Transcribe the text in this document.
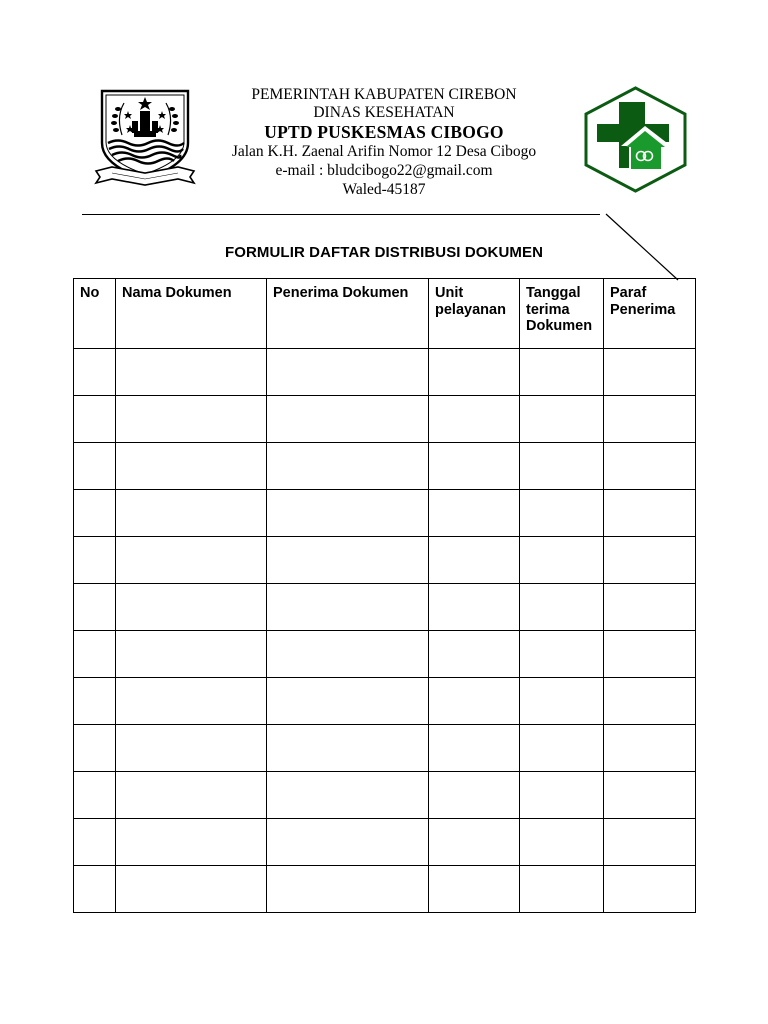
PEMERINTAH KABUPATEN CIREBON
DINAS KESEHATAN
UPTD PUSKESMAS CIBOGO
Jalan K.H. Zaenal Arifin Nomor 12 Desa Cibogo
e-mail : bludcibogo22@gmail.com
Waled-45187
FORMULIR DAFTAR DISTRIBUSI DOKUMEN
No	Nama Dokumen	Penerima Dokumen	Unit pelayanan	Tanggal terima Dokumen	Paraf Penerima
